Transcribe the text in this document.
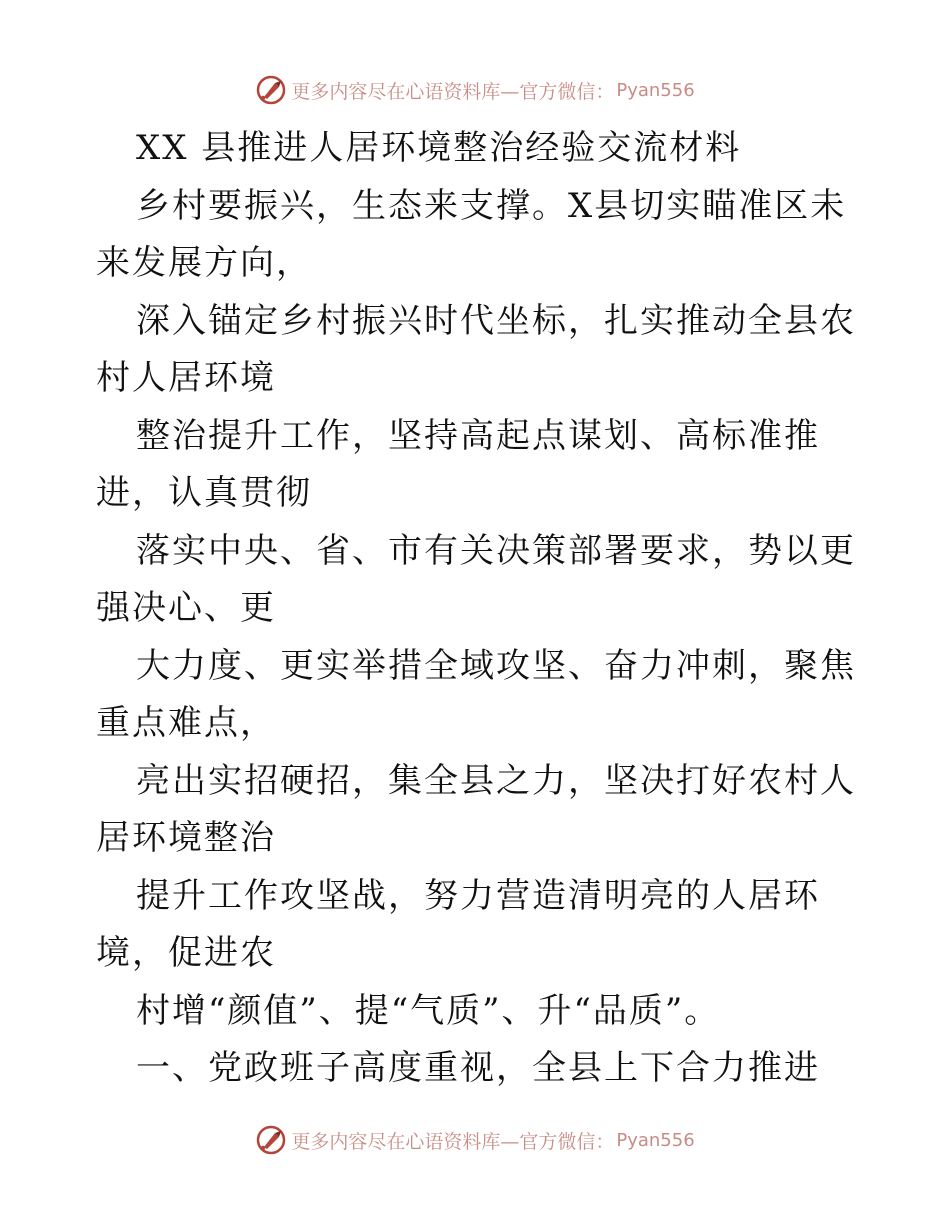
更多内容尽在心语资料库—官方微信： Pyan556

XX 县推进人居环境整治经验交流材料

乡村要振兴，生态来支撑。X县切实瞄准区未来发展方向，

深入锚定乡村振兴时代坐标，扎实推动全县农村人居环境

整治提升工作，坚持高起点谋划、高标准推进，认真贯彻

落实中央、省、市有关决策部署要求，势以更强决心、更

大力度、更实举措全域攻坚、奋力冲刺，聚焦重点难点，

亮出实招硬招，集全县之力，坚决打好农村人居环境整治

提升工作攻坚战，努力营造清明亮的人居环境，促进农

村增“颜值”、提“气质”、升“品质”。

一、党政班子高度重视，全县上下合力推进

更多内容尽在心语资料库—官方微信： Pyan556
